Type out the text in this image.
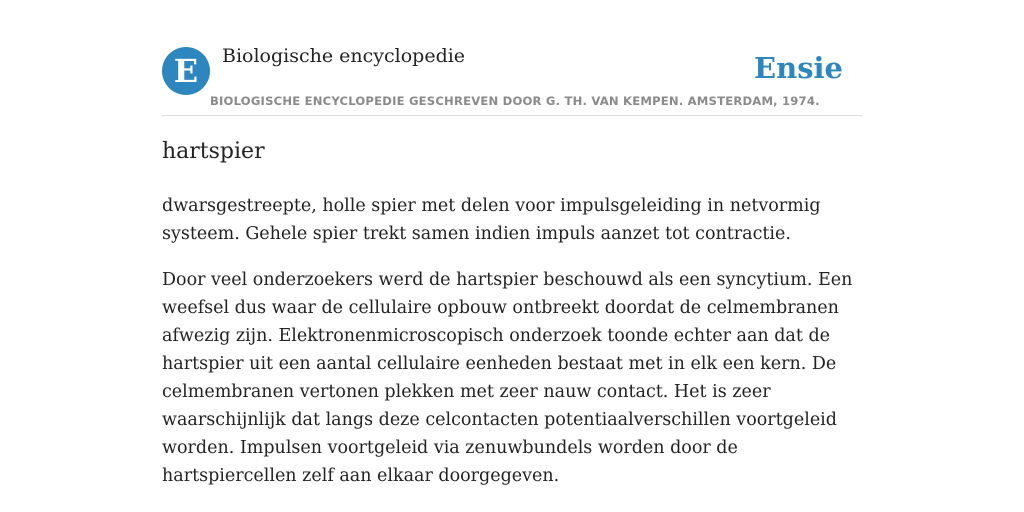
E	Biologische encyclopedie	Ensie
BIOLOGISCHE ENCYCLOPEDIE GESCHREVEN DOOR G. TH. VAN KEMPEN. AMSTERDAM, 1974.
hartspier

dwarsgestreepte, holle spier met delen voor impulsgeleiding in netvormig systeem. Gehele spier trekt samen indien impuls aanzet tot contractie.

Door veel onderzoekers werd de hartspier beschouwd als een syncytium. Een weefsel dus waar de cellulaire opbouw ontbreekt doordat de celmembranen afwezig zijn. Elektronenmicroscopisch onderzoek toonde echter aan dat de hartspier uit een aantal cellulaire eenheden bestaat met in elk een kern. De celmembranen vertonen plekken met zeer nauw contact. Het is zeer waarschijnlijk dat langs deze celcontacten potentiaalverschillen voortgeleid worden. Impulsen voortgeleid via zenuwbundels worden door de hartspiercellen zelf aan elkaar doorgegeven.
